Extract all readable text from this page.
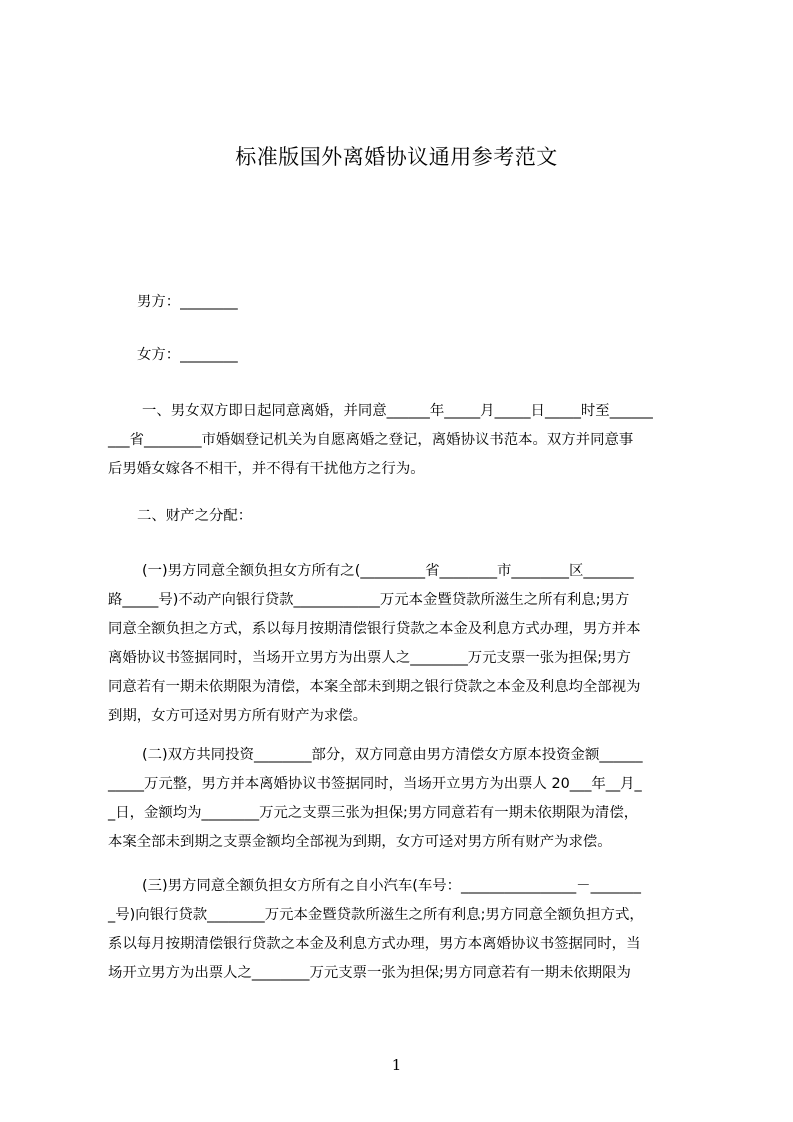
标准版国外离婚协议通用参考范文
男方：________
女方：________
一、男女双方即日起同意离婚，并同意______年_____月_____日_____时至______
___省________市婚姻登记机关为自愿离婚之登记，离婚协议书范本。双方并同意事
后男婚女嫁各不相干，并不得有干扰他方之行为。
二、财产之分配：
(一)男方同意全额负担女方所有之(_________省________市________区_______
路_____号)不动产向银行贷款____________万元本金暨贷款所滋生之所有利息;男方
同意全额负担之方式，系以每月按期清偿银行贷款之本金及利息方式办理，男方并本
离婚协议书签据同时，当场开立男方为出票人之________万元支票一张为担保;男方
同意若有一期未依期限为清偿，本案全部未到期之银行贷款之本金及利息均全部视为
到期，女方可迳对男方所有财产为求偿。
(二)双方共同投资________部分，双方同意由男方清偿女方原本投资金额______
_____万元整，男方并本离婚协议书签据同时，当场开立男方为出票人 20___年__月_
_日，金额均为________万元之支票三张为担保;男方同意若有一期未依期限为清偿，
本案全部未到期之支票金额均全部视为到期，女方可迳对男方所有财产为求偿。
(三)男方同意全额负担女方所有之自小汽车(车号：________________－_______
_号)向银行贷款________万元本金暨贷款所滋生之所有利息;男方同意全额负担方式，
系以每月按期清偿银行贷款之本金及利息方式办理，男方本离婚协议书签据同时，当
场开立男方为出票人之________万元支票一张为担保;男方同意若有一期未依期限为
1
